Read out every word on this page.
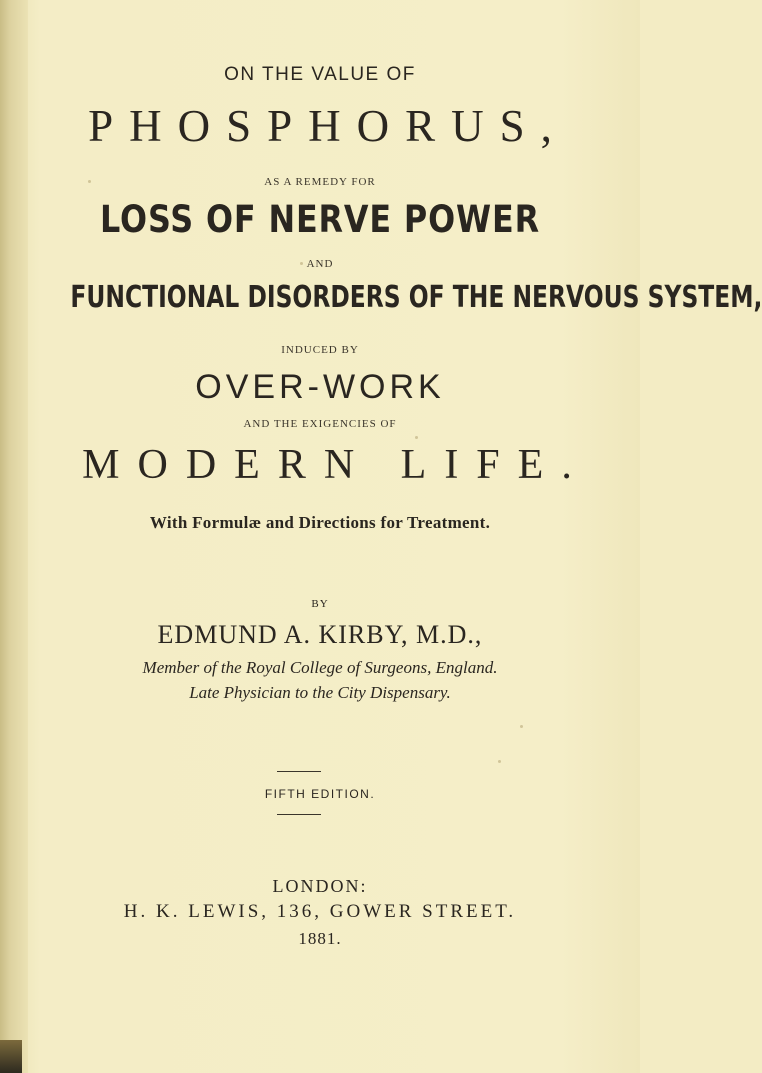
ON THE VALUE OF
PHOSPHORUS,
AS A REMEDY FOR
LOSS OF NERVE POWER
AND
FUNCTIONAL DISORDERS OF THE NERVOUS SYSTEM,
INDUCED BY
OVER-WORK
AND THE EXIGENCIES OF
MODERN LIFE.
With Formulæ and Directions for Treatment.
BY
EDMUND A. KIRBY, M.D.,
Member of the Royal College of Surgeons, England.
Late Physician to the City Dispensary.
FIFTH EDITION.
LONDON:
H. K. LEWIS, 136, GOWER STREET.
1881.
